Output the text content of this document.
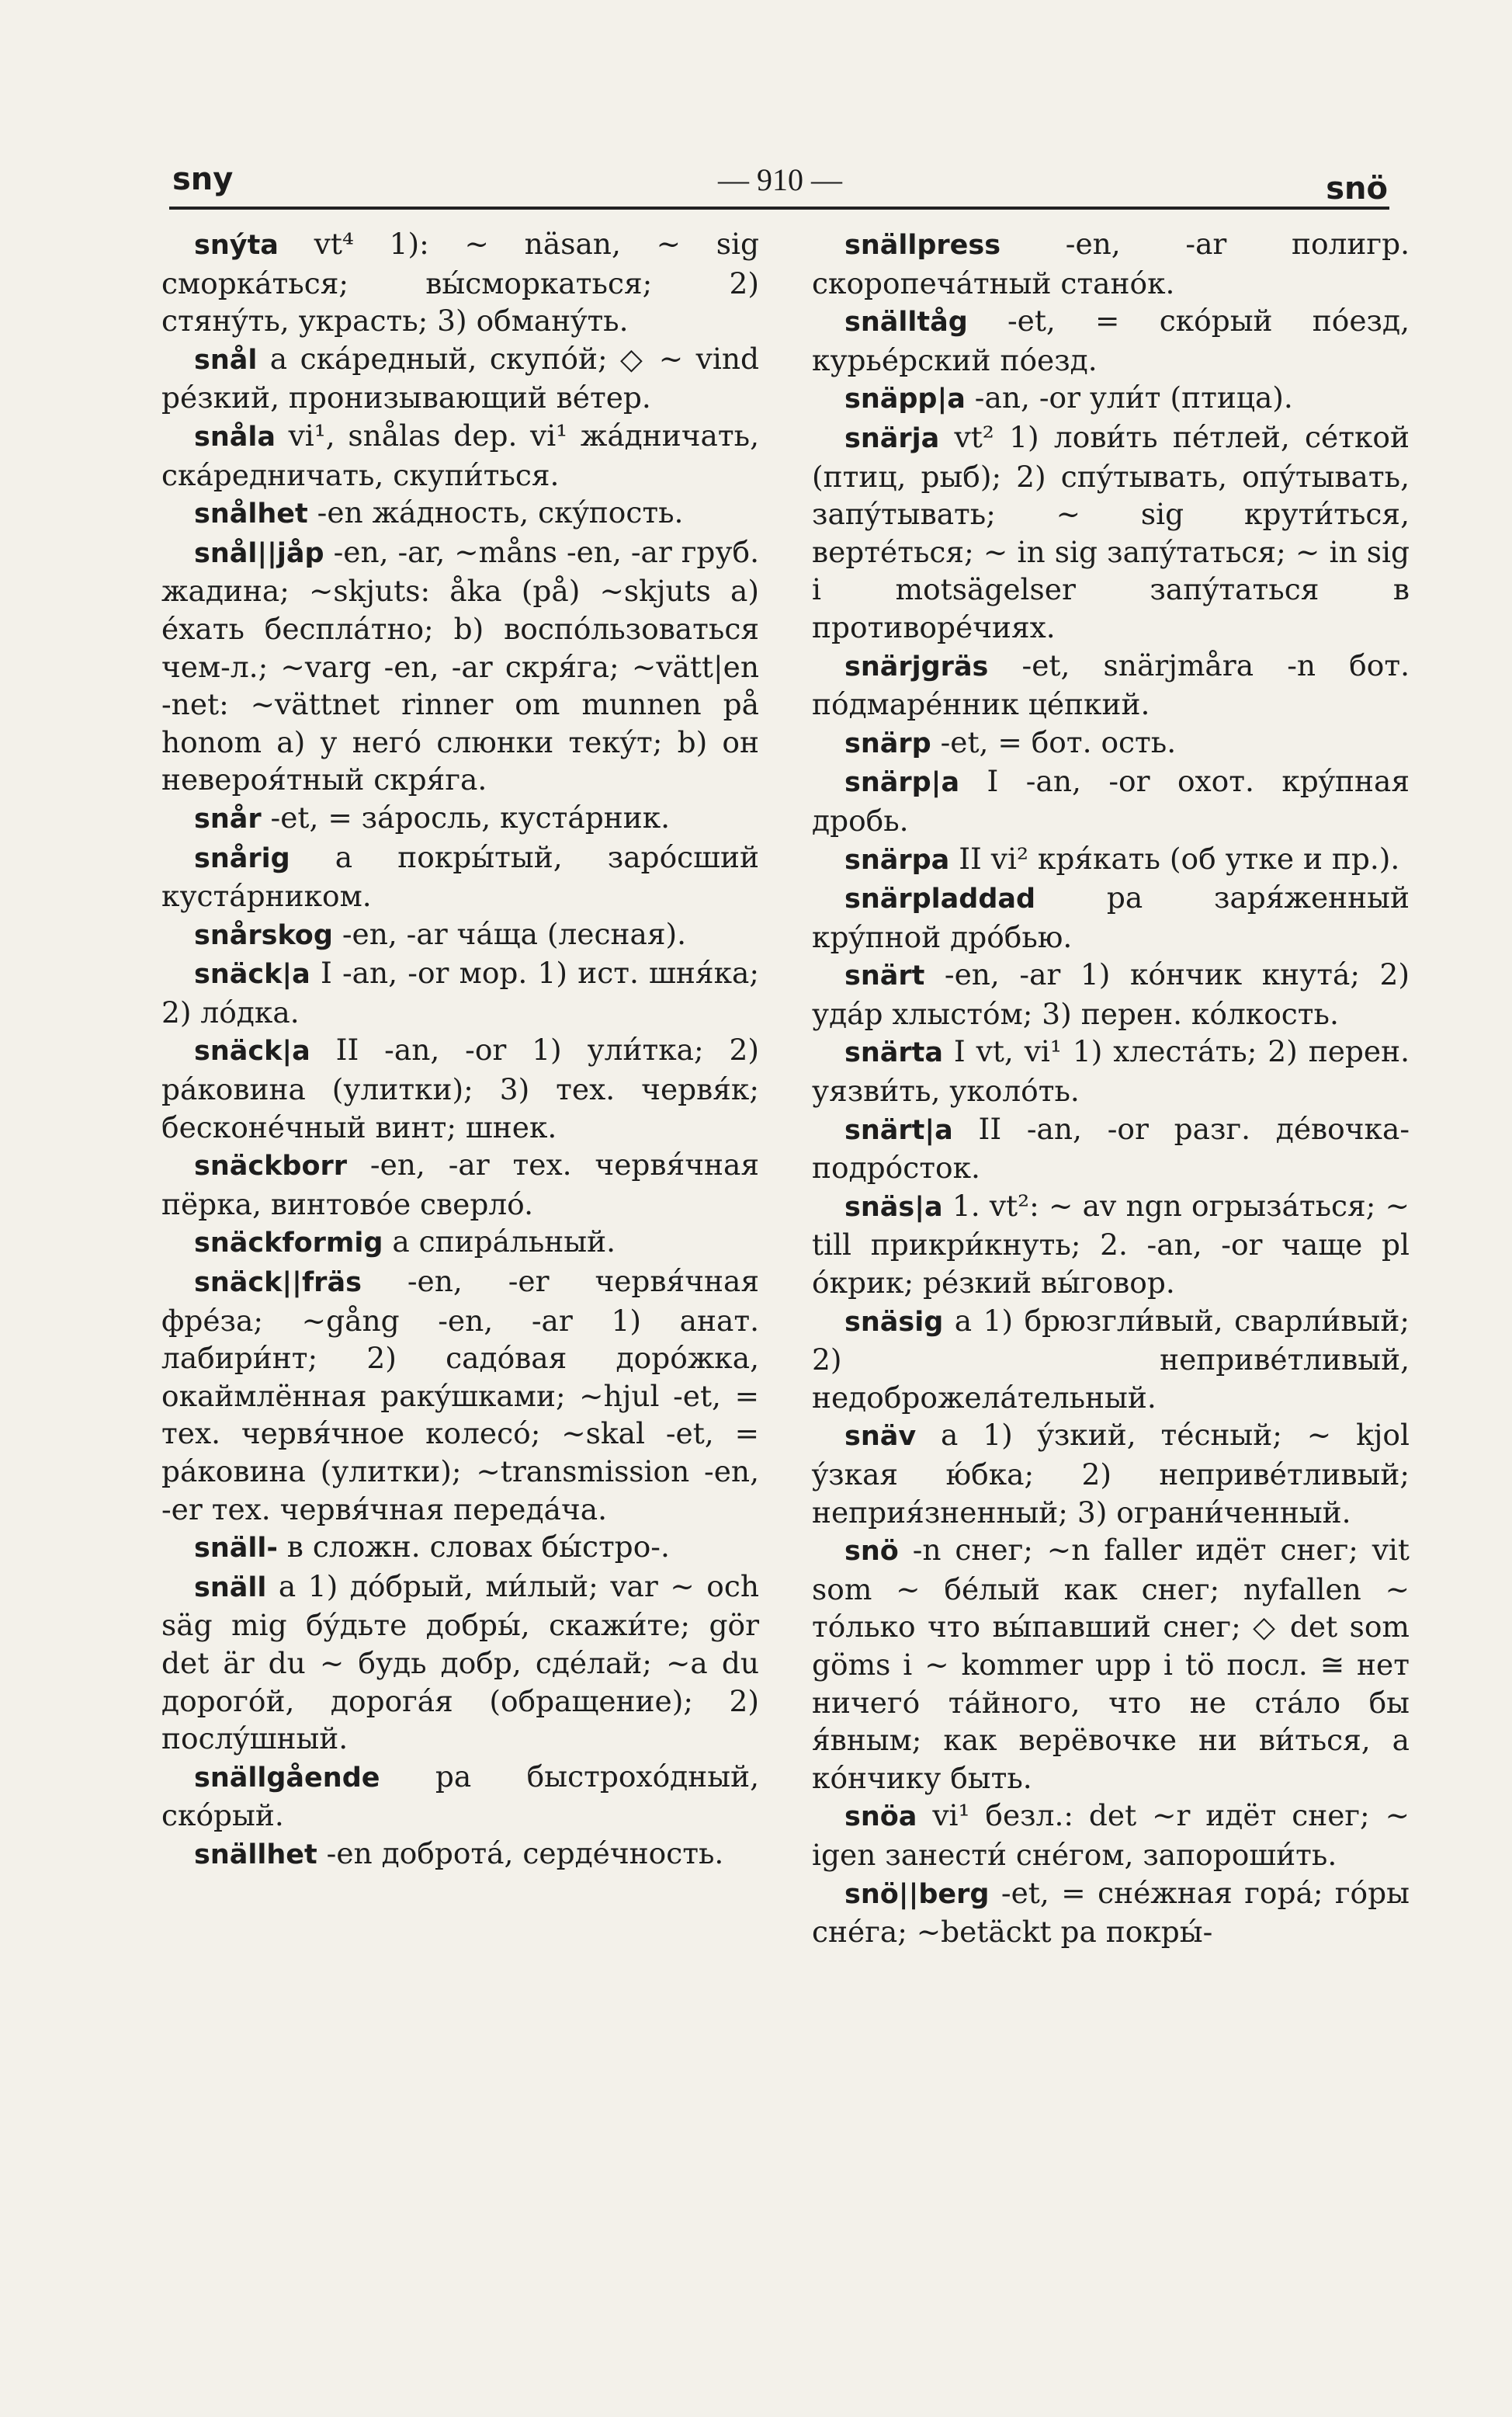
sny	— 910 —	snö

snýta vt⁴ 1): ~ näsan, ~ sig сморкáться; вы́сморкаться; 2) стянýть, украсть; 3) обманýть.

snål a скáредный, скупóй; ◇ ~ vind рéзкий, пронизывающий вéтер.

snåla vi¹, snålas dep. vi¹ жáдничать, скáредничать, скупи́ться.

snålhet -en жáдность, скýпость.

snål||jåp -en, -ar, ~måns -en, -ar груб. жадина; ~skjuts: åka (på) ~skjuts а) éхать бесплáтно; b) воспóльзоваться чем-л.; ~varg -en, -ar скря́га; ~vätt|en -net: ~vättnet rinner om munnen på honom а) у негó слюнки текýт; b) он невероя́тный скря́га.

snår -et, = зáросль, кустáрник.

snårig a покры́тый, зарóсший кустáрником.

snårskog -en, -ar чáща (лесная).

snäck|a I -an, -or мор. 1) ист. шня́ка; 2) лóдка.

snäck|a II -an, -or 1) ули́тка; 2) рáковина (улитки); 3) тех. червя́к; бесконéчный винт; шнек.

snäckborr -en, -ar тех. червя́чная пёрка, винтовóе сверлó.

snäckformig a спирáльный.

snäck||fräs -en, -er червя́чная фрéза; ~gång -en, -ar 1) анат. лабири́нт; 2) садóвая дорóжка, окаймлённая ракýшками; ~hjul -et, = тех. червя́чное колесó; ~skal -et, = рáковина (улитки); ~transmission -en, -er тех. червя́чная передáча.

snäll- в сложн. словах бы́стро-.

snäll a 1) дóбрый, ми́лый; var ~ och säg mig бýдьте добры́, скажи́те; gör det är du ~ будь добр, сдéлай; ~a du дорогóй, дорогáя (обращение); 2) послýшный.

snällgående pa быстрохóдный, скóрый.

snällhet -en добротá, сердéчность.

snällpress -en, -ar полигр. скоропечáтный станóк.

snälltåg -et, = скóрый пóезд, курьéрский пóезд.

snäpp|a -an, -or ули́т (птица).

snärja vt² 1) лови́ть пéтлей, сéткой (птиц, рыб); 2) спýтывать, опýтывать, запýтывать; ~ sig крути́ться, вертéться; ~ in sig запýтаться; ~ in sig i motsägelser запýтаться в противорéчиях.

snärjgräs -et, snärjmåra -n бот. пóдмарéнник цéпкий.

snärp -et, = бот. ость.

snärp|a I -an, -or охот. крýпная дробь.

snärpa II vi² кря́кать (об утке и пр.).

snärpladdad pa заря́женный крýпной дрóбью.

snärt -en, -ar 1) кóнчик кнутá; 2) удáр хлыстóм; 3) перен. кóлкость.

snärta I vt, vi¹ 1) хлестáть; 2) перен. уязви́ть, уколóть.

snärt|a II -an, -or разг. дéвочка-подрóсток.

snäs|a 1. vt²: ~ av ngn огрызáться; ~ till прикри́кнуть; 2. -an, -or чаще pl óкрик; рéзкий вы́говор.

snäsig a 1) брюзгли́вый, сварли́вый; 2) непривéтливый, недоброжелáтельный.

snäv a 1) ýзкий, тéсный; ~ kjol ýзкая ю́бка; 2) неприве́тливый; неприя́зненный; 3) ограни́ченный.

snö -n снег; ~n faller идёт снег; vit som ~ бéлый как снег; nyfallen ~ тóлько что вы́павший снег; ◇ det som göms i ~ kommer upp i tö посл. ≅ нет ничегó тáйного, что не стáло бы я́вным; как верёвочке ни ви́ться, а кóнчику быть.

snöa vi¹ безл.: det ~r идёт снег; ~ igen занести́ снéгом, запороши́ть.

snö||berg -et, = снéжная горá; гóры снéга; ~betäckt pa покры́-
